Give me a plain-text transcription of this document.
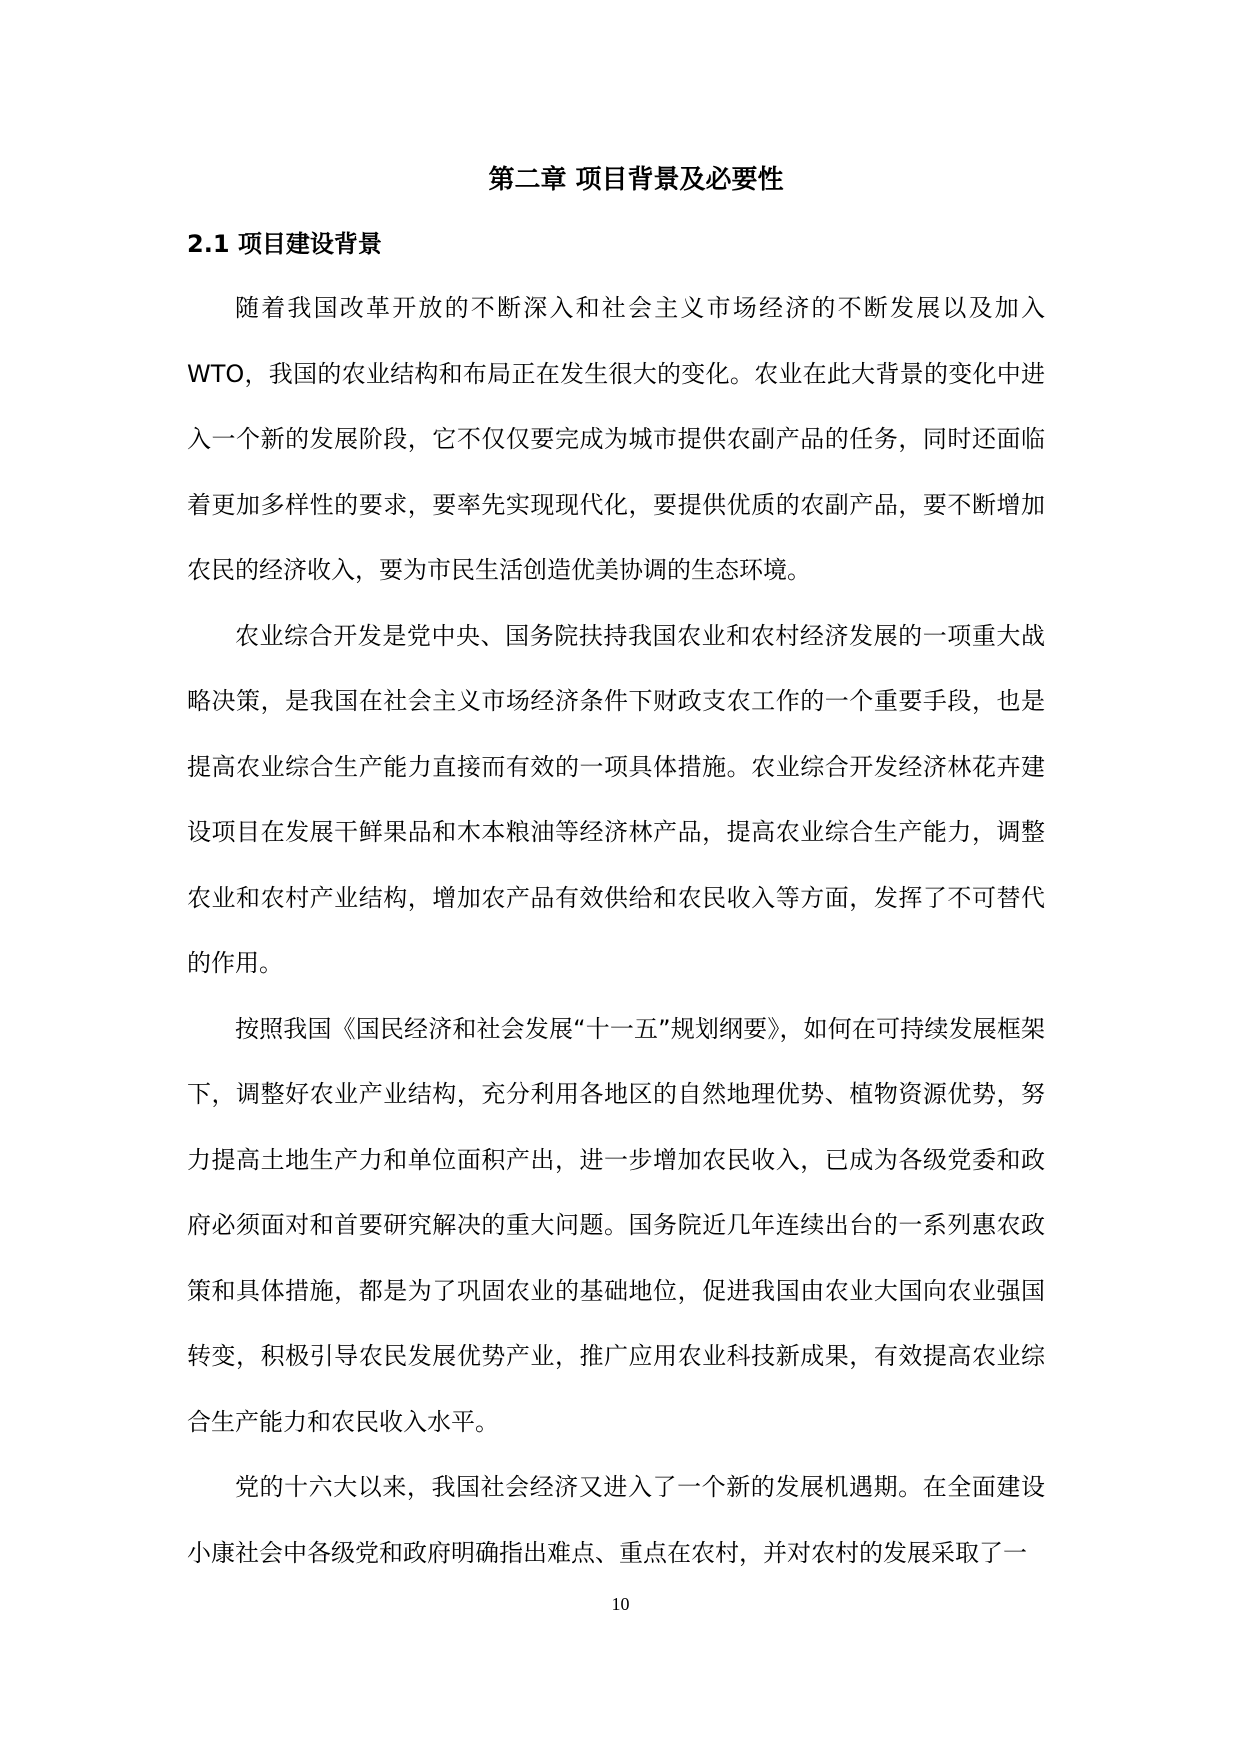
第二章 项目背景及必要性
2.1 项目建设背景

随着我国改革开放的不断深入和社会主义市场经济的不断发展以及加入WTO，我国的农业结构和布局正在发生很大的变化。农业在此大背景的变化中进入一个新的发展阶段，它不仅仅要完成为城市提供农副产品的任务，同时还面临着更加多样性的要求，要率先实现现代化，要提供优质的农副产品，要不断增加农民的经济收入，要为市民生活创造优美协调的生态环境。

农业综合开发是党中央、国务院扶持我国农业和农村经济发展的一项重大战略决策，是我国在社会主义市场经济条件下财政支农工作的一个重要手段，也是提高农业综合生产能力直接而有效的一项具体措施。农业综合开发经济林花卉建设项目在发展干鲜果品和木本粮油等经济林产品，提高农业综合生产能力，调整农业和农村产业结构，增加农产品有效供给和农民收入等方面，发挥了不可替代的作用。

按照我国《国民经济和社会发展“十一五”规划纲要》，如何在可持续发展框架下，调整好农业产业结构，充分利用各地区的自然地理优势、植物资源优势，努力提高土地生产力和单位面积产出，进一步增加农民收入，已成为各级党委和政府必须面对和首要研究解决的重大问题。国务院近几年连续出台的一系列惠农政策和具体措施，都是为了巩固农业的基础地位，促进我国由农业大国向农业强国转变，积极引导农民发展优势产业，推广应用农业科技新成果，有效提高农业综合生产能力和农民收入水平。

党的十六大以来，我国社会经济又进入了一个新的发展机遇期。在全面建设小康社会中各级党和政府明确指出难点、重点在农村，并对农村的发展采取了一

10
